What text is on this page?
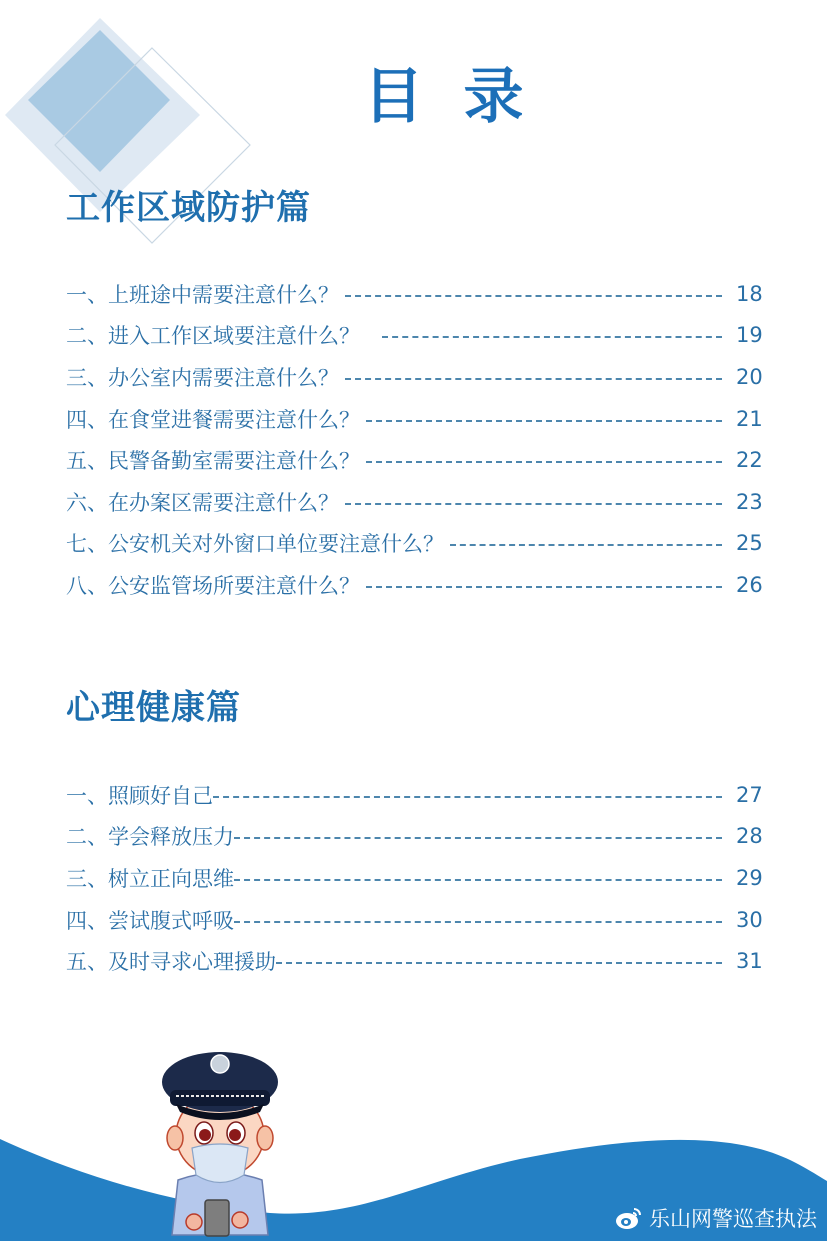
目录
工作区域防护篇
一、上班途中需要注意什么？	18
二、进入工作区域要注意什么？	19
三、办公室内需要注意什么？	20
四、在食堂进餐需要注意什么？	21
五、民警备勤室需要注意什么？	22
六、在办案区需要注意什么？	23
七、公安机关对外窗口单位要注意什么？	25
八、公安监管场所要注意什么？	26
心理健康篇
一、照顾好自己	27
二、学会释放压力	28
三、树立正向思维	29
四、尝试腹式呼吸	30
五、及时寻求心理援助	31
乐山网警巡查执法
